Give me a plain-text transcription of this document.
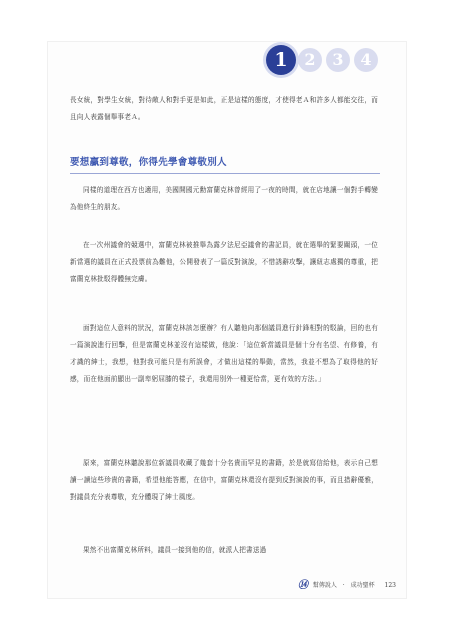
1	2	3	4

長女統，對學生女統，對待敵人和對手更是如此，正是這樣的態度，才使得老Ａ和許多人都能交往，而且向人表露個舉事老Ａ。

要想贏到尊敬，你得先學會尊敬別人

同樣的道理在西方也適用，美國開國元勳富蘭克林曾經用了一夜的時間，就在店地讓一個對手轉變為他終生的朋友。

在一次州議會的競選中，富蘭克林被推舉為露夕法尼亞議會的書記員，就在選舉的緊要關頭，一位新當選的議員在正式投票前為難他，公開發表了一篇反對演說，不惜誘辭攻擊，讓紐志處獨的尊重，把富蘭克林批駁得體無完膚。

面對這位人意料的狀況，富蘭克林該怎麼辦？有人聽他向那個議員進行針鋒相對的駁論，回的也有一篇演說進行回擊，但是富蘭克林並沒有這樣做，他說：「這位新當議員是個十分有名望、有修養，有才識的紳士，我想，他對我可能只是有所誤會，才做出這樣的舉動，當然，我並不想為了取得他的好感，而在他面前顯出一副卑躬屈膝的樣子，我還用別外一種更恰當，更有效的方法。」

原來，富蘭克林聽說那位新議員收藏了幾套十分名貴而罕見的書籍，於是就寫信給他，表示自己想讀一讀這些珍貴的書籍，希望他能答應，在信中，富蘭克林還沒有提到反對演說的事，而且措辭優雅，對議員充分表尊敬，充分體現了紳士風度。

果然不出富蘭克林所料，議員一接到他的信，就派人把書送過

⑭ 幫傳說人 · 成功聖杯 123
